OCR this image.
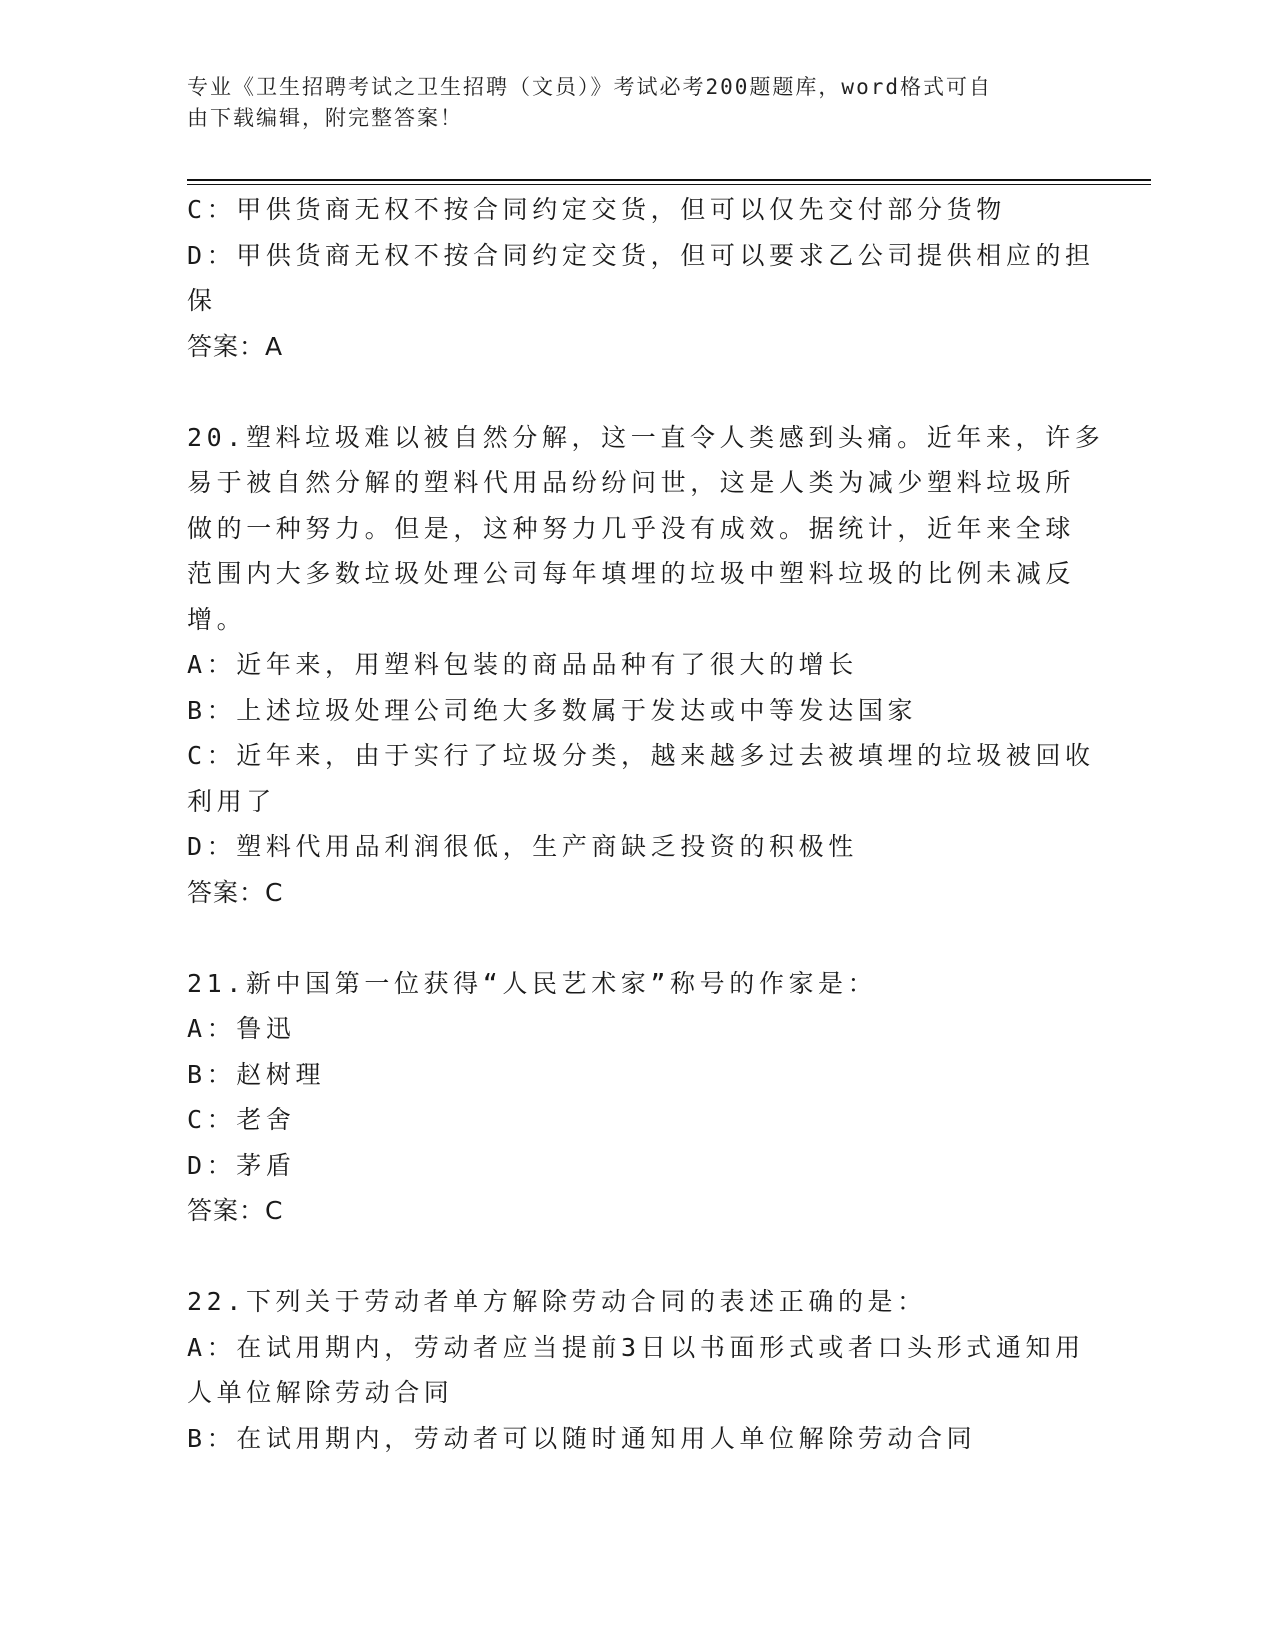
专业《卫生招聘考试之卫生招聘（文员）》考试必考200题题库，word格式可自
由下载编辑，附完整答案！
C：甲供货商无权不按合同约定交货，但可以仅先交付部分货物
D：甲供货商无权不按合同约定交货，但可以要求乙公司提供相应的担
保
答案：A
20.塑料垃圾难以被自然分解，这一直令人类感到头痛。近年来，许多
易于被自然分解的塑料代用品纷纷问世，这是人类为减少塑料垃圾所
做的一种努力。但是，这种努力几乎没有成效。据统计，近年来全球
范围内大多数垃圾处理公司每年填埋的垃圾中塑料垃圾的比例未减反
增。
A：近年来，用塑料包装的商品品种有了很大的增长
B：上述垃圾处理公司绝大多数属于发达或中等发达国家
C：近年来，由于实行了垃圾分类，越来越多过去被填埋的垃圾被回收
利用了
D：塑料代用品利润很低，生产商缺乏投资的积极性
答案：C
21.新中国第一位获得“人民艺术家”称号的作家是：
A：鲁迅
B：赵树理
C：老舍
D：茅盾
答案：C
22.下列关于劳动者单方解除劳动合同的表述正确的是：
A：在试用期内，劳动者应当提前3日以书面形式或者口头形式通知用
人单位解除劳动合同
B：在试用期内，劳动者可以随时通知用人单位解除劳动合同
